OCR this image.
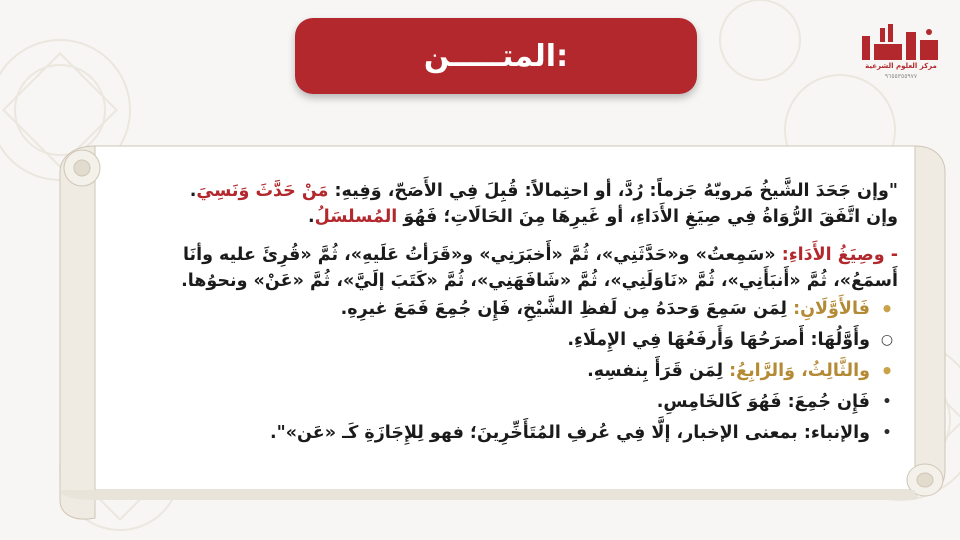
مركز العلوم الشرعية
٩٦٥٥٣٥٥٩٧٧
المتـــــن:
"وإن جَحَدَ الشَّيخُ مَرويّهُ جَزماً: رُدَّ، أو احتِمالاً: قُبِلَ فِي الأَصَحّ، وَفِيهِ: مَنْ حَدَّثَ وَنَسِيَ.
وإن اتَّفَقَ الرُّوَاةُ فِي صِيَغِ الأَدَاءِ، أو غَيرِهَا مِنَ الحَالَاتِ؛ فَهُوَ المُسلسَلُ.
- وصِيَغُ الأَدَاءِ: «سَمِعتُ» و«حَدَّثَنِي»، ثُمَّ «أَخبَرَنِي» و«قَرَأتُ عَلَيهِ»، ثُمَّ «قُرِئَ عليه وأنَا
أَسمَعُ»، ثُمَّ «أَنبَأَنِي»، ثُمَّ «نَاوَلَنِي»، ثُمَّ «شَافَهَنِي»، ثُمَّ «كَتَبَ إلَيَّ»، ثُمَّ «عَنْ» ونحوُها.
•
فَالأَوَّلَانِ: لِمَن سَمِعَ وَحدَهُ مِن لَفظِ الشَّيْخِ، فَإِن جُمِعَ فَمَعَ غيرِهِ.
○
وأَوَّلُهَا: أَصرَحُهَا وَأَرفَعُهَا فِي الإِملَاءِ.
•
والثَّالِثُ، وَالرَّابِعُ: لِمَن قَرَأَ بِنفسِهِ.
•
فَإِن جُمِعَ: فَهُوَ كَالخَامِسِ.
•
والإنباء: بمعنى الإخبار، إلَّا فِي عُرفِ المُتَأَخِّرِينَ؛ فهو لِلإِجَازَةِ كَـ «عَن»".
